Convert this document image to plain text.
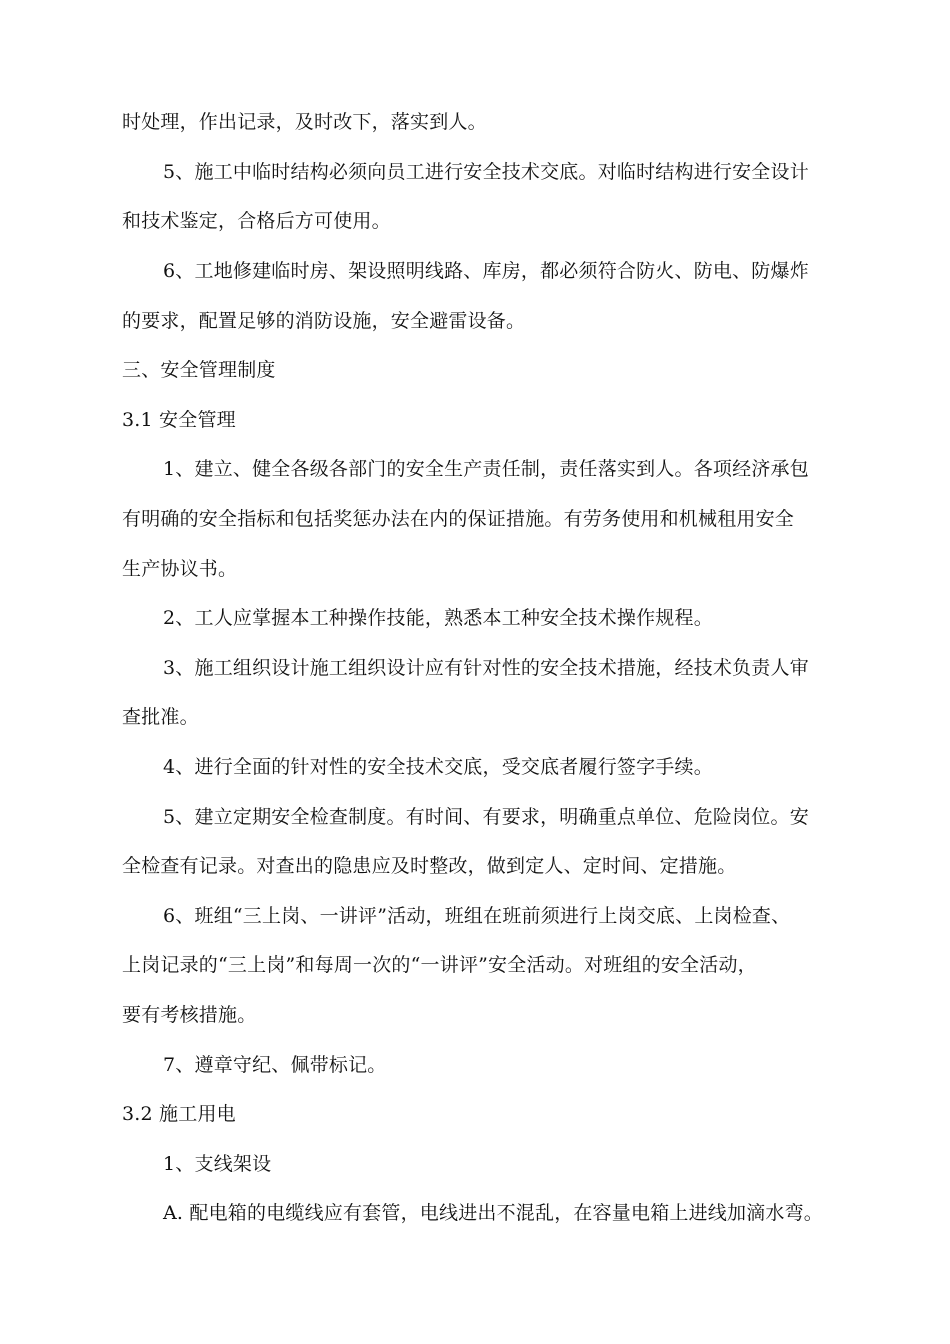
时处理，作出记录，及时改下，落实到人。
5、施工中临时结构必须向员工进行安全技术交底。对临时结构进行安全设计
和技术鉴定，合格后方可使用。
6、工地修建临时房、架设照明线路、库房，都必须符合防火、防电、防爆炸
的要求，配置足够的消防设施，安全避雷设备。
三、安全管理制度
3.1 安全管理
1、建立、健全各级各部门的安全生产责任制，责任落实到人。各项经济承包
有明确的安全指标和包括奖惩办法在内的保证措施。有劳务使用和机械租用安全
生产协议书。
2、工人应掌握本工种操作技能，熟悉本工种安全技术操作规程。
3、施工组织设计施工组织设计应有针对性的安全技术措施，经技术负责人审
查批准。
4、进行全面的针对性的安全技术交底，受交底者履行签字手续。
5、建立定期安全检查制度。有时间、有要求，明确重点单位、危险岗位。安
全检查有记录。对查出的隐患应及时整改，做到定人、定时间、定措施。
6、班组“三上岗、一讲评”活动，班组在班前须进行上岗交底、上岗检查、
上岗记录的“三上岗”和每周一次的“一讲评”安全活动。对班组的安全活动，
要有考核措施。
7、遵章守纪、佩带标记。
3.2 施工用电
1、支线架设
A. 配电箱的电缆线应有套管，电线进出不混乱，在容量电箱上进线加滴水弯。
